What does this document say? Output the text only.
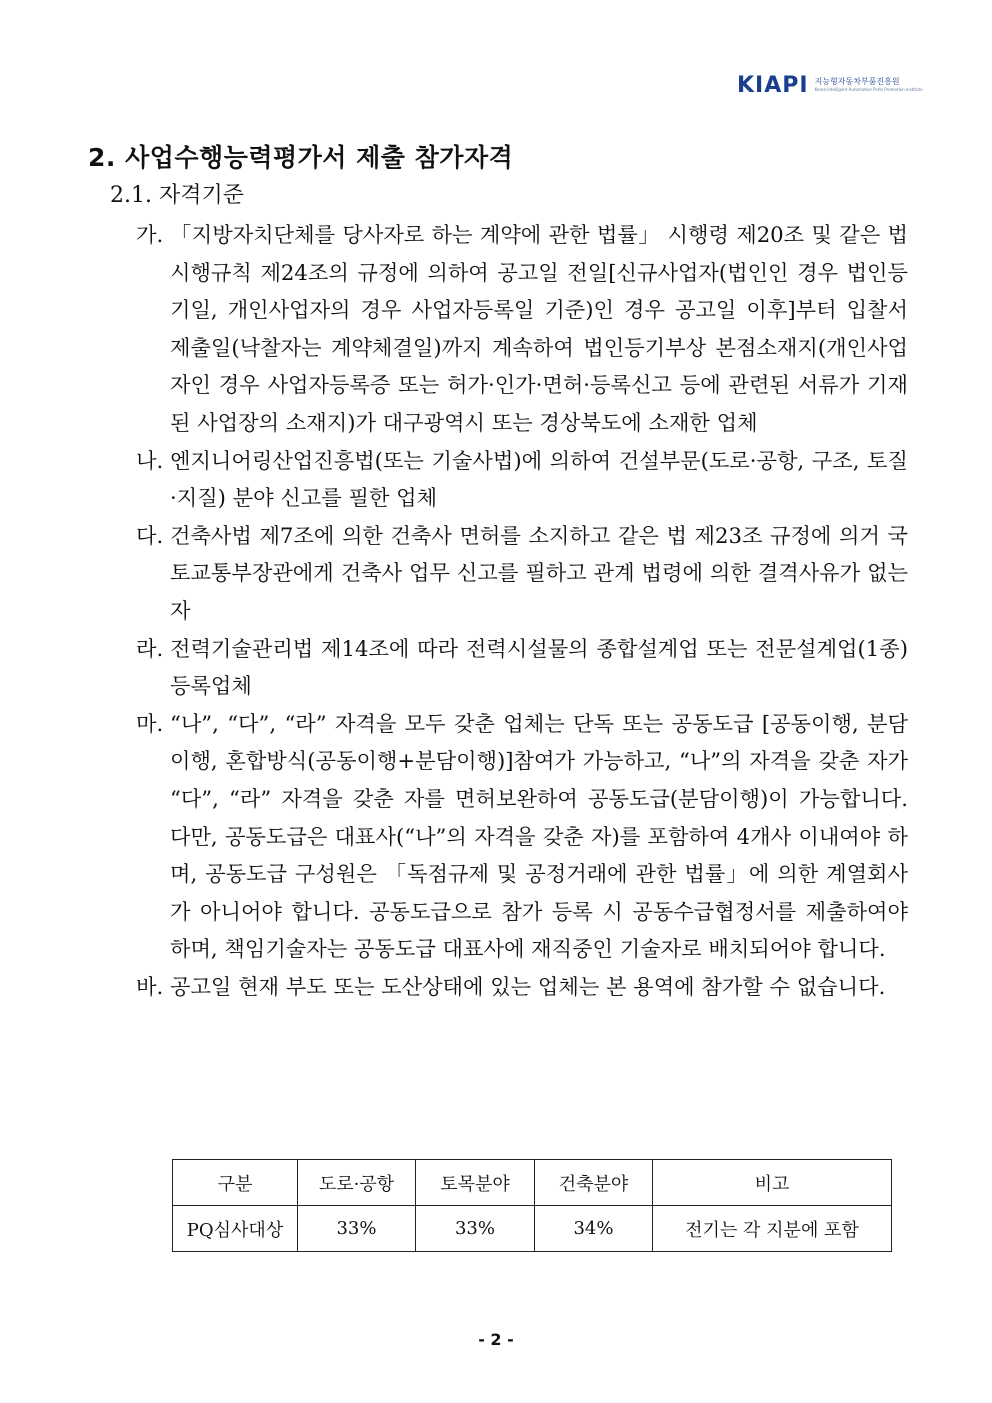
KIAPI 지능형자동차부품진흥원
Korea Intelligent Automotive Parts Promotion Institute
2. 사업수행능력평가서 제출 참가자격
2.1. 자격기준
가. 「지방자치단체를 당사자로 하는 계약에 관한 법률」 시행령 제20조 및 같은 법 시행규칙 제24조의 규정에 의하여 공고일 전일[신규사업자(법인인 경우 법인등기일, 개인사업자의 경우 사업자등록일 기준)인 경우 공고일 이후]부터 입찰서 제출일(낙찰자는 계약체결일)까지 계속하여 법인등기부상 본점소재지(개인사업자인 경우 사업자등록증 또는 허가·인가·면허·등록신고 등에 관련된 서류가 기재된 사업장의 소재지)가 대구광역시 또는 경상북도에 소재한 업체
나. 엔지니어링산업진흥법(또는 기술사법)에 의하여 건설부문(도로·공항, 구조, 토질·지질) 분야 신고를 필한 업체
다. 건축사법 제7조에 의한 건축사 면허를 소지하고 같은 법 제23조 규정에 의거 국토교통부장관에게 건축사 업무 신고를 필하고 관계 법령에 의한 결격사유가 없는 자
라. 전력기술관리법 제14조에 따라 전력시설물의 종합설계업 또는 전문설계업(1종) 등록업체
마. “나”, “다”, “라” 자격을 모두 갖춘 업체는 단독 또는 공동도급 [공동이행, 분담이행, 혼합방식(공동이행+분담이행)]참여가 가능하고, “나”의 자격을 갖춘 자가 “다”, “라” 자격을 갖춘 자를 면허보완하여 공동도급(분담이행)이 가능합니다. 다만, 공동도급은 대표사(“나”의 자격을 갖춘 자)를 포함하여 4개사 이내여야 하며, 공동도급 구성원은 「독점규제 및 공정거래에 관한 법률」에 의한 계열회사가 아니어야 합니다. 공동도급으로 참가 등록 시 공동수급협정서를 제출하여야 하며, 책임기술자는 공동도급 대표사에 재직중인 기술자로 배치되어야 합니다.
바. 공고일 현재 부도 또는 도산상태에 있는 업체는 본 용역에 참가할 수 없습니다.
구분	도로·공항	토목분야	건축분야	비고
PQ심사대상	33%	33%	34%	전기는 각 지분에 포함
- 2 -
